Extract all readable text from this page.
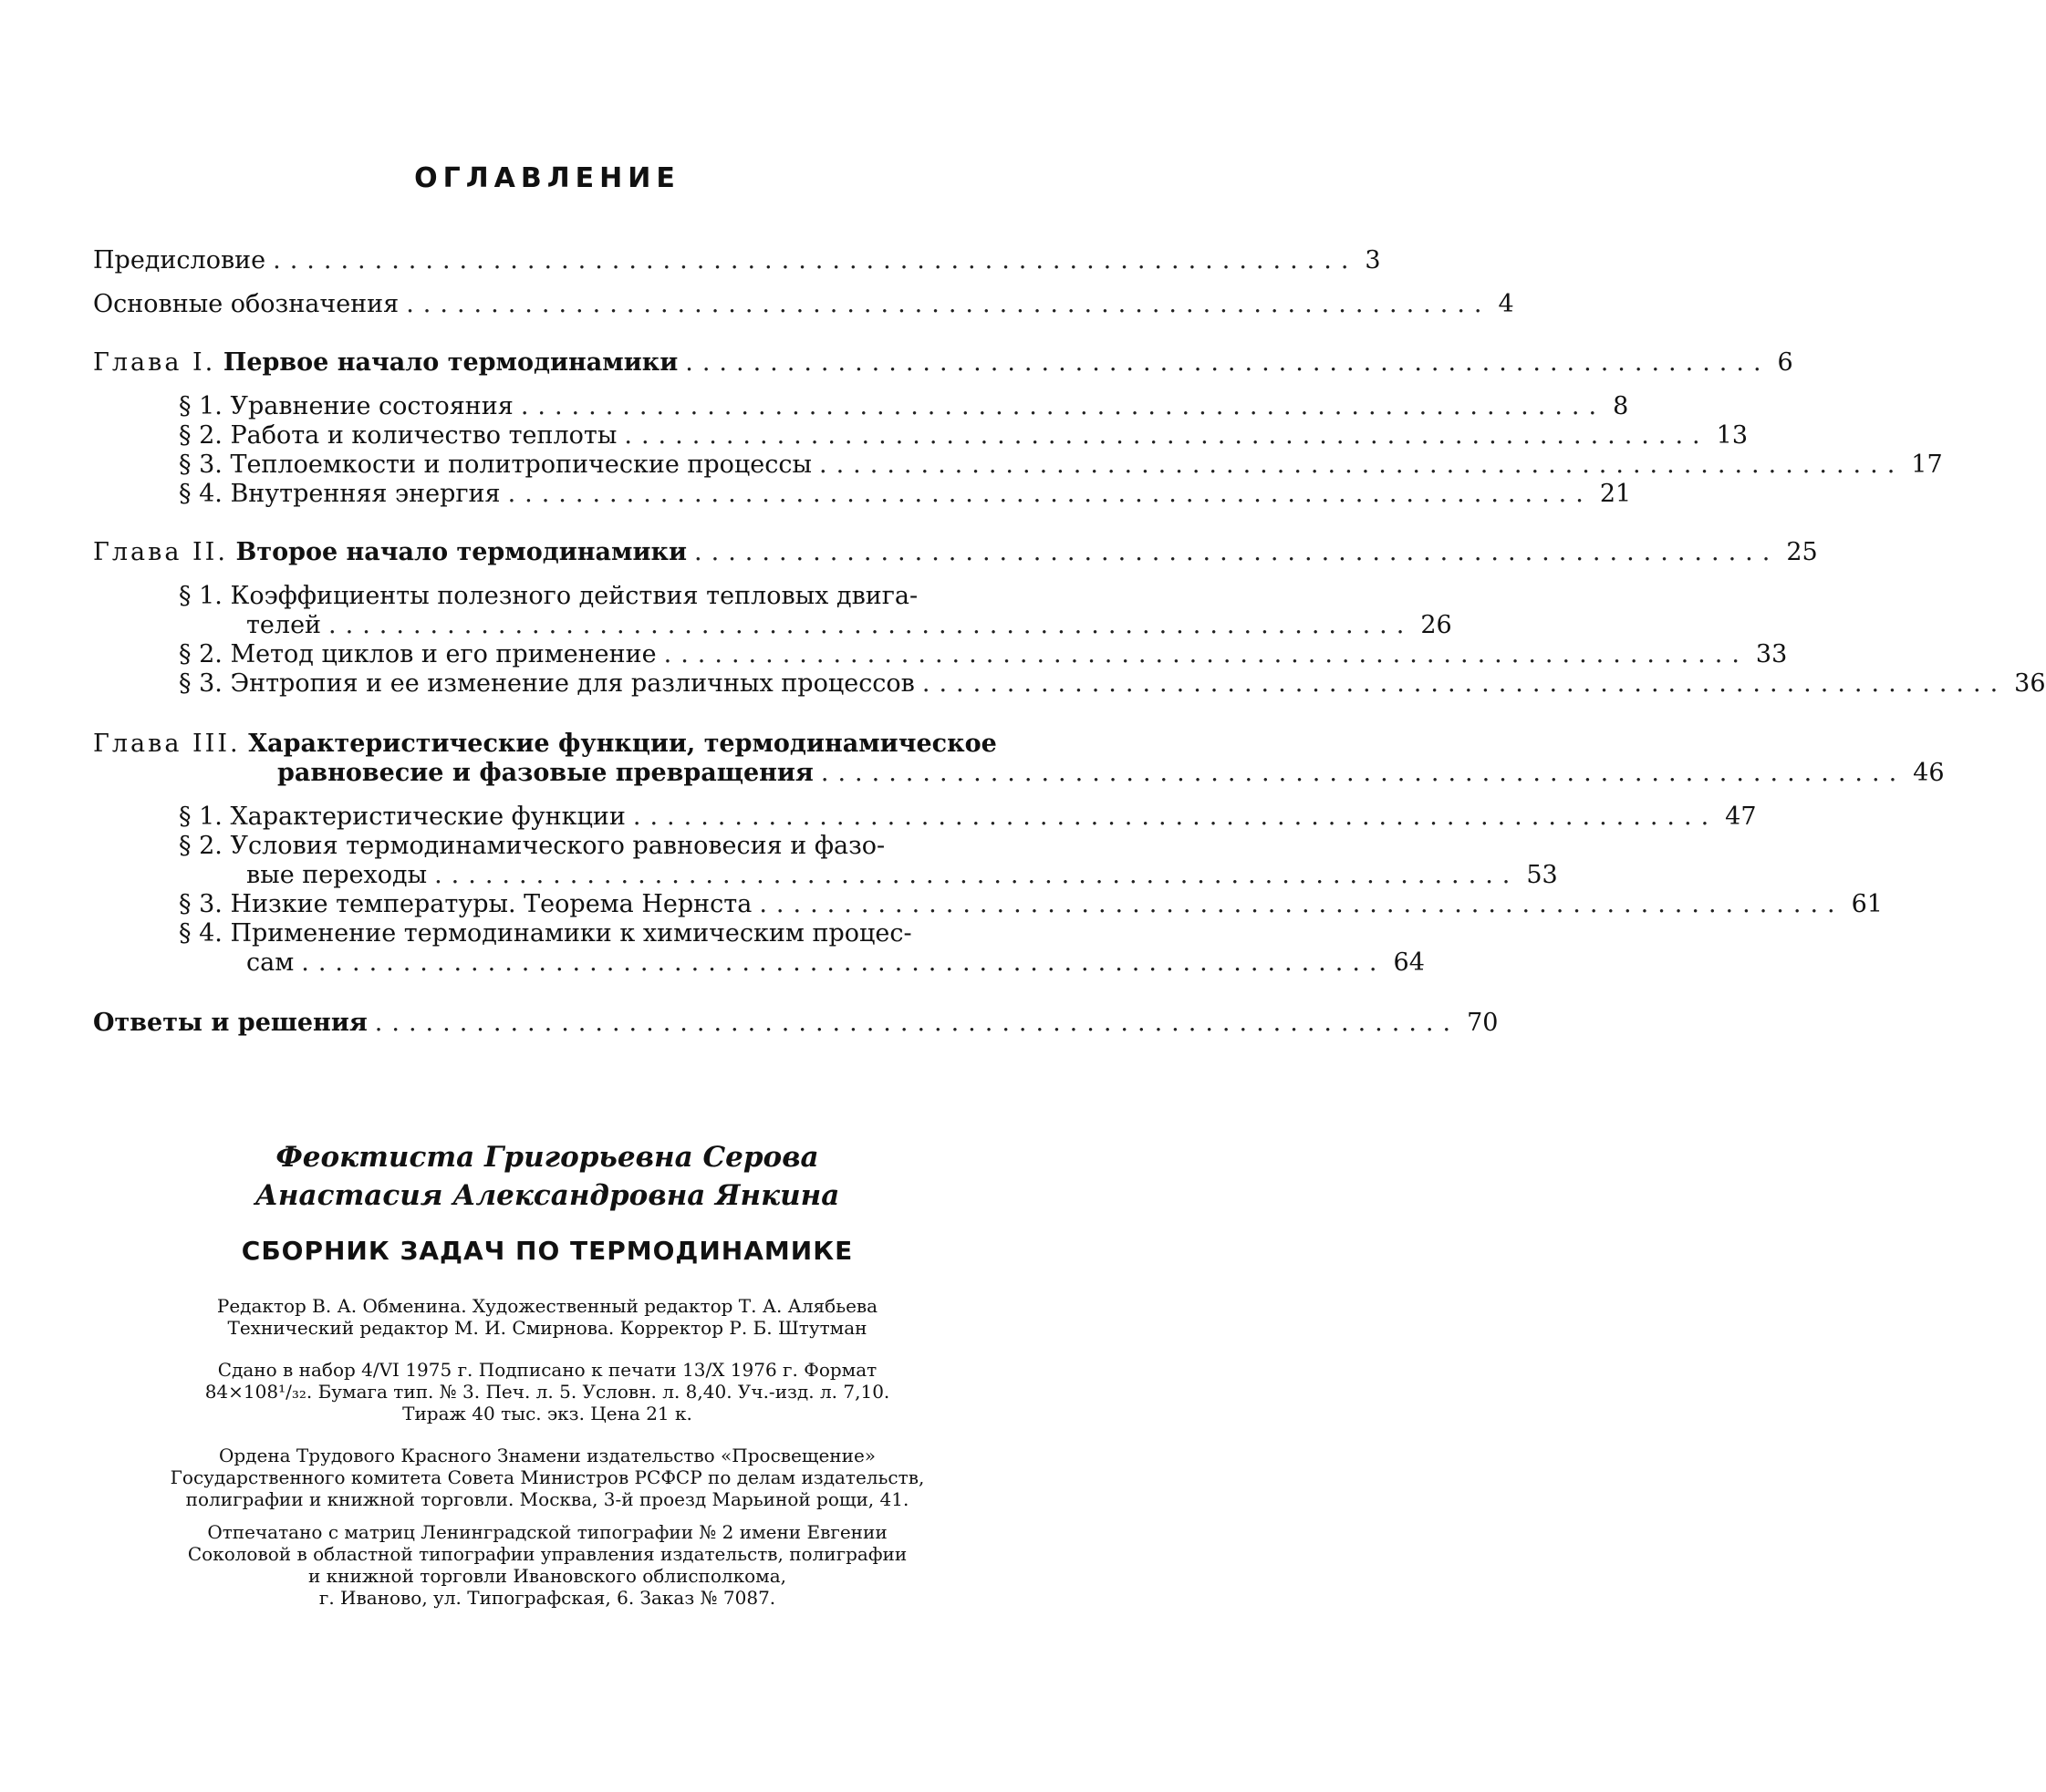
ОГЛАВЛЕНИЕ
Предисловие ................................................................ 3
Основные обозначения ................................................................ 4
Глава I. Первое начало термодинамики ................................................................ 6
§ 1. Уравнение состояния ................................................................ 8
§ 2. Работа и количество теплоты ................................................................ 13
§ 3. Теплоемкости и политропические процессы ................................................................ 17
§ 4. Внутренняя энергия ................................................................ 21
Глава II. Второе начало термодинамики ................................................................ 25
§ 1. Коэффициенты полезного действия тепловых двига-
телей ................................................................ 26
§ 2. Метод циклов и его применение ................................................................ 33
§ 3. Энтропия и ее изменение для различных процессов ................................................................ 36
Глава III. Характеристические функции, термодинамическое
равновесие и фазовые превращения ................................................................ 46
§ 1. Характеристические функции ................................................................ 47
§ 2. Условия термодинамического равновесия и фазо-
вые переходы ................................................................ 53
§ 3. Низкие температуры. Теорема Нернста ................................................................ 61
§ 4. Применение термодинамики к химическим процес-
сам ................................................................ 64
Ответы и решения ................................................................ 70
Феоктиста Григорьевна Серова
Анастасия Александровна Янкина
СБОРНИК ЗАДАЧ ПО ТЕРМОДИНАМИКЕ
Редактор В. А. Обменина. Художественный редактор Т. А. Алябьева
Технический редактор М. И. Смирнова. Корректор Р. Б. Штутман
Сдано в набор 4/VI 1975 г. Подписано к печати 13/X 1976 г. Формат
84×108¹/₃₂. Бумага тип. № 3. Печ. л. 5. Условн. л. 8,40. Уч.-изд. л. 7,10.
Тираж 40 тыс. экз. Цена 21 к.
Ордена Трудового Красного Знамени издательство «Просвещение»
Государственного комитета Совета Министров РСФСР по делам издательств,
полиграфии и книжной торговли. Москва, 3-й проезд Марьиной рощи, 41.
Отпечатано с матриц Ленинградской типографии № 2 имени Евгении
Соколовой в областной типографии управления издательств, полиграфии
и книжной торговли Ивановского облисполкома,
г. Иваново, ул. Типографская, 6. Заказ № 7087.
